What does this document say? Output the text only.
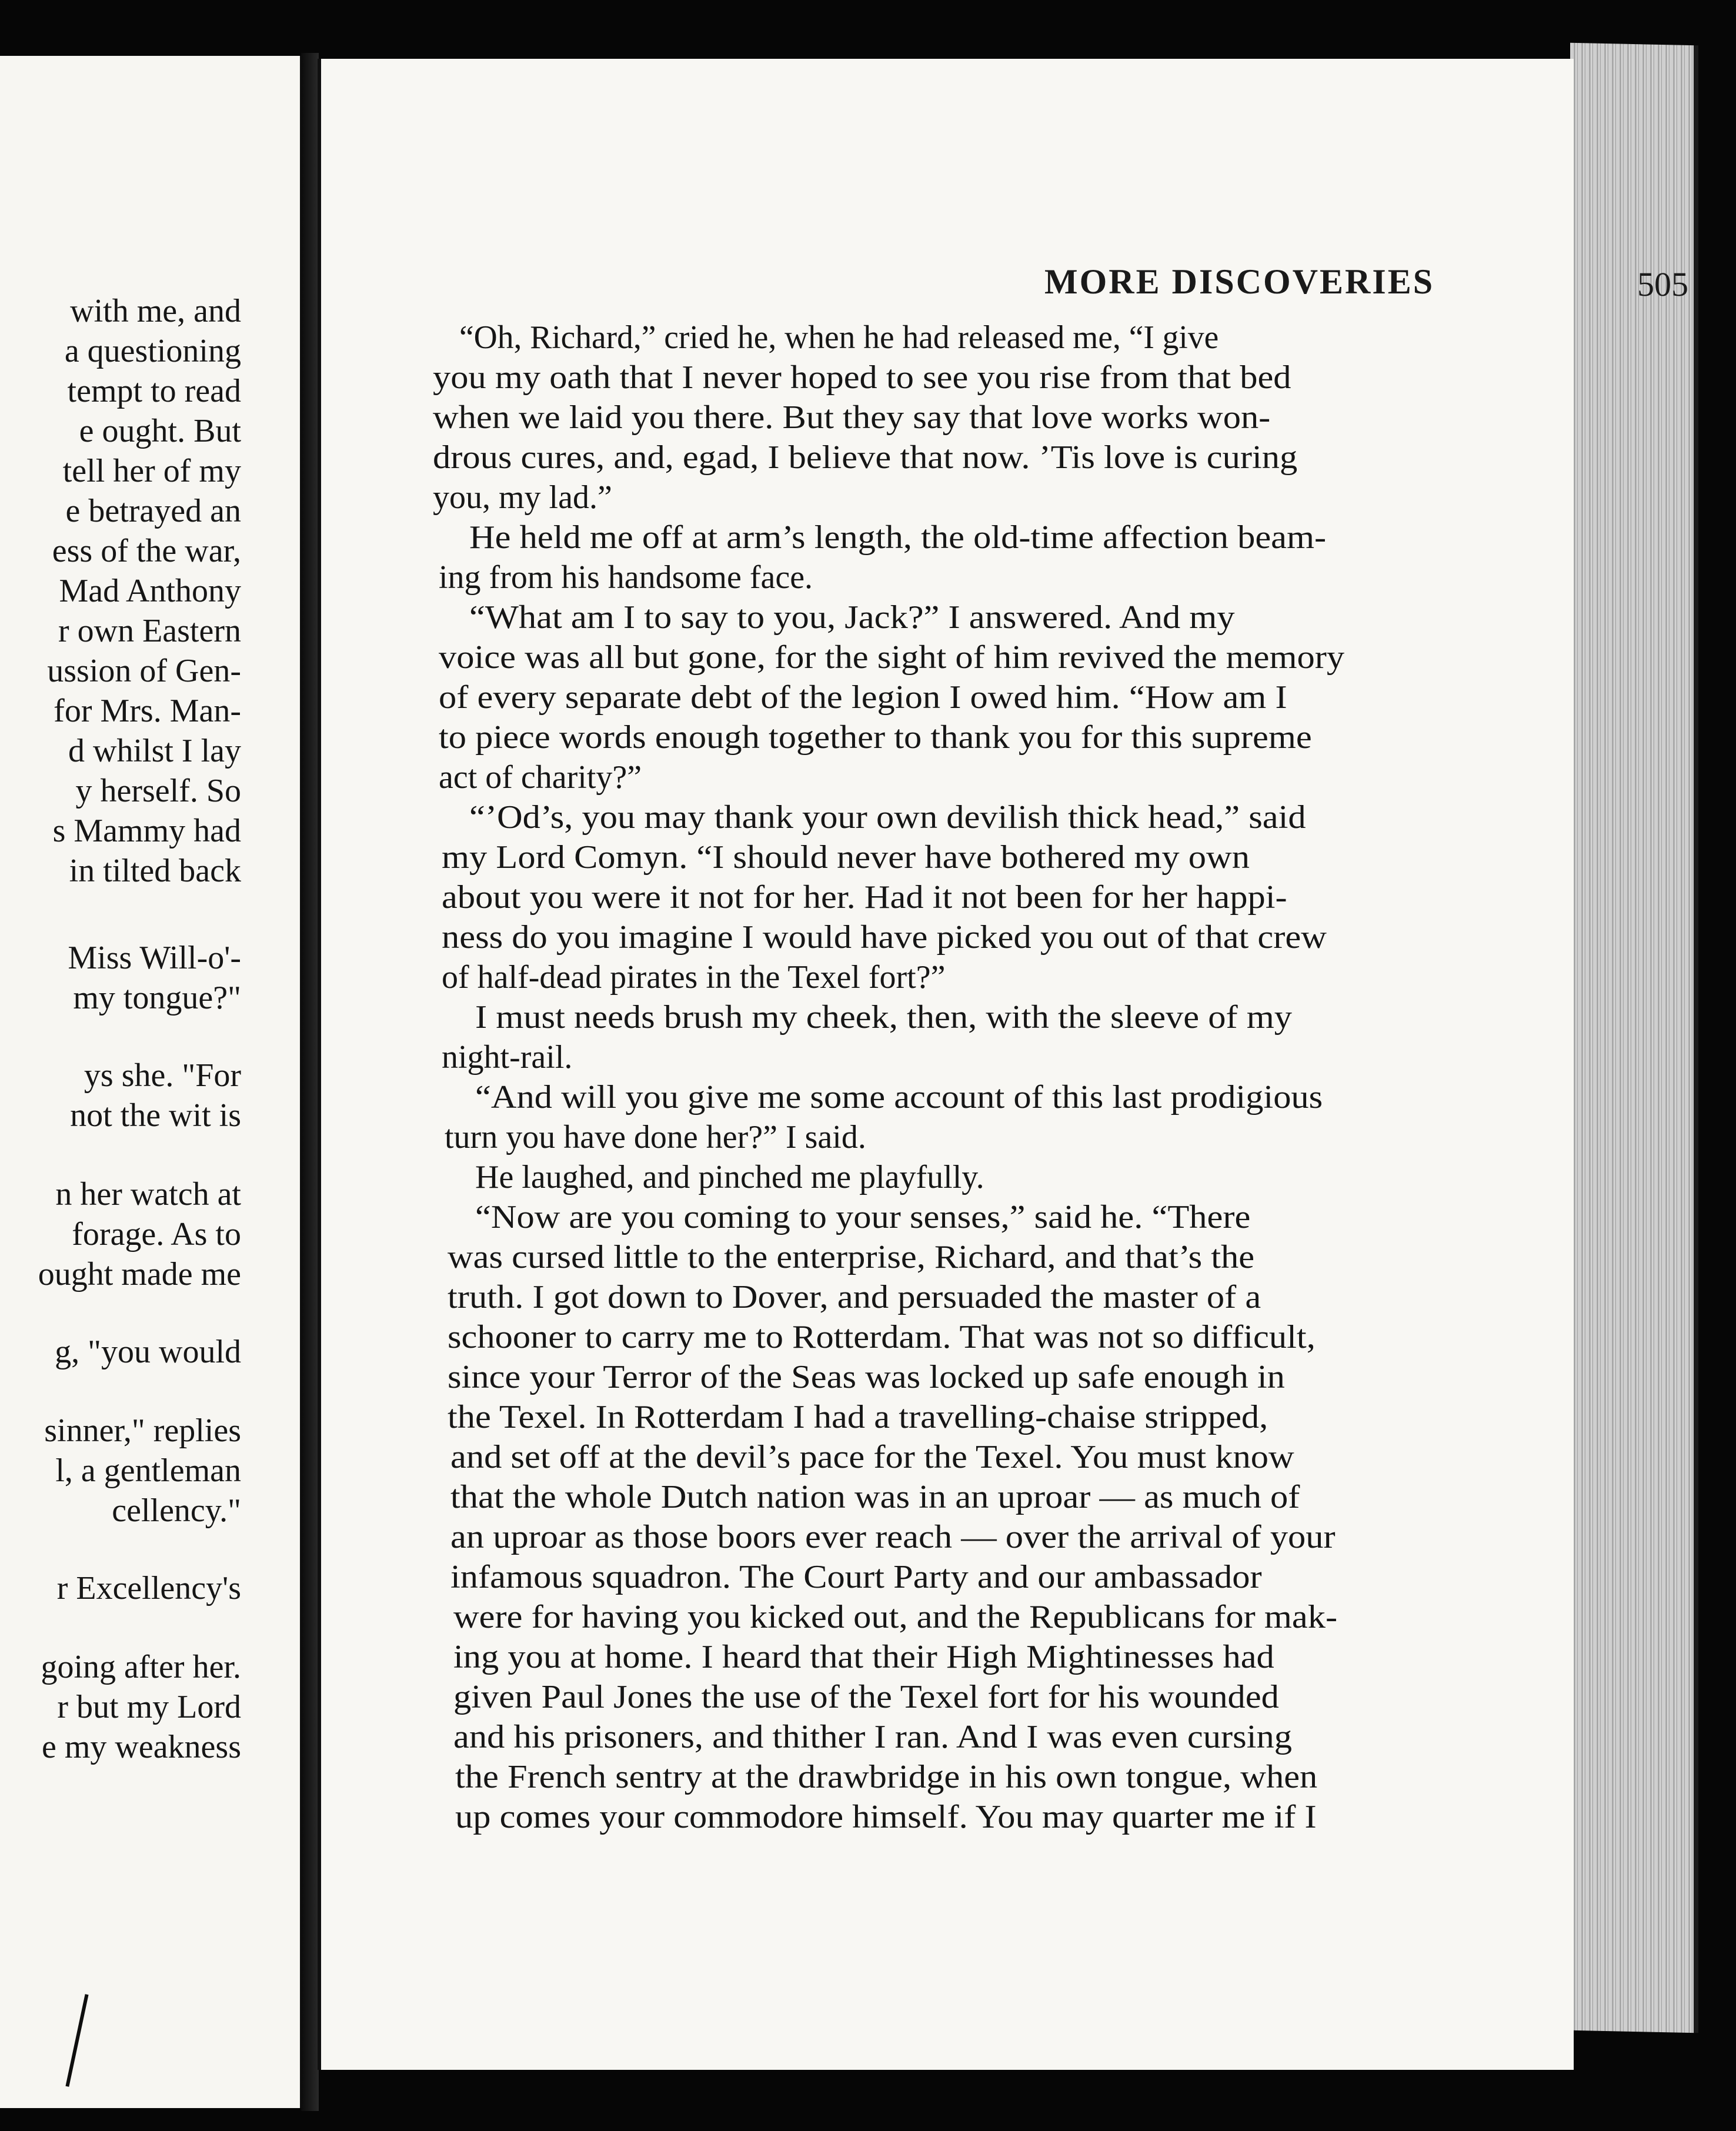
with me, and
a questioning
tempt to read
e ought. But
tell her of my
e betrayed an
ess of the war,
Mad Anthony
r own Eastern
ussion of Gen-
for Mrs. Man-
d whilst I lay
y herself. So
s Mammy had
in tilted back
Miss Will-o'-
my tongue?"
ys she. "For
not the wit is
n her watch at
forage. As to
ought made me
g, "you would
sinner," replies
l, a gentleman
cellency."
r Excellency's
going after her.
r but my Lord
e my weakness
MORE DISCOVERIES	505
“Oh, Richard,” cried he, when he had released me, “I give
you my oath that I never hoped to see you rise from that bed
when we laid you there. But they say that love works won-
drous cures, and, egad, I believe that now. ’Tis love is curing
you, my lad.”
He held me off at arm’s length, the old-time affection beam-
ing from his handsome face.
“What am I to say to you, Jack?” I answered. And my
voice was all but gone, for the sight of him revived the memory
of every separate debt of the legion I owed him. “How am I
to piece words enough together to thank you for this supreme
act of charity?”
“’Od’s, you may thank your own devilish thick head,” said
my Lord Comyn. “I should never have bothered my own
about you were it not for her. Had it not been for her happi-
ness do you imagine I would have picked you out of that crew
of half-dead pirates in the Texel fort?”
I must needs brush my cheek, then, with the sleeve of my
night-rail.
“And will you give me some account of this last prodigious
turn you have done her?” I said.
He laughed, and pinched me playfully.
“Now are you coming to your senses,” said he. “There
was cursed little to the enterprise, Richard, and that’s the
truth. I got down to Dover, and persuaded the master of a
schooner to carry me to Rotterdam. That was not so difficult,
since your Terror of the Seas was locked up safe enough in
the Texel. In Rotterdam I had a travelling-chaise stripped,
and set off at the devil’s pace for the Texel. You must know
that the whole Dutch nation was in an uproar — as much of
an uproar as those boors ever reach — over the arrival of your
infamous squadron. The Court Party and our ambassador
were for having you kicked out, and the Republicans for mak-
ing you at home. I heard that their High Mightinesses had
given Paul Jones the use of the Texel fort for his wounded
and his prisoners, and thither I ran. And I was even cursing
the French sentry at the drawbridge in his own tongue, when
up comes your commodore himself. You may quarter me if I
